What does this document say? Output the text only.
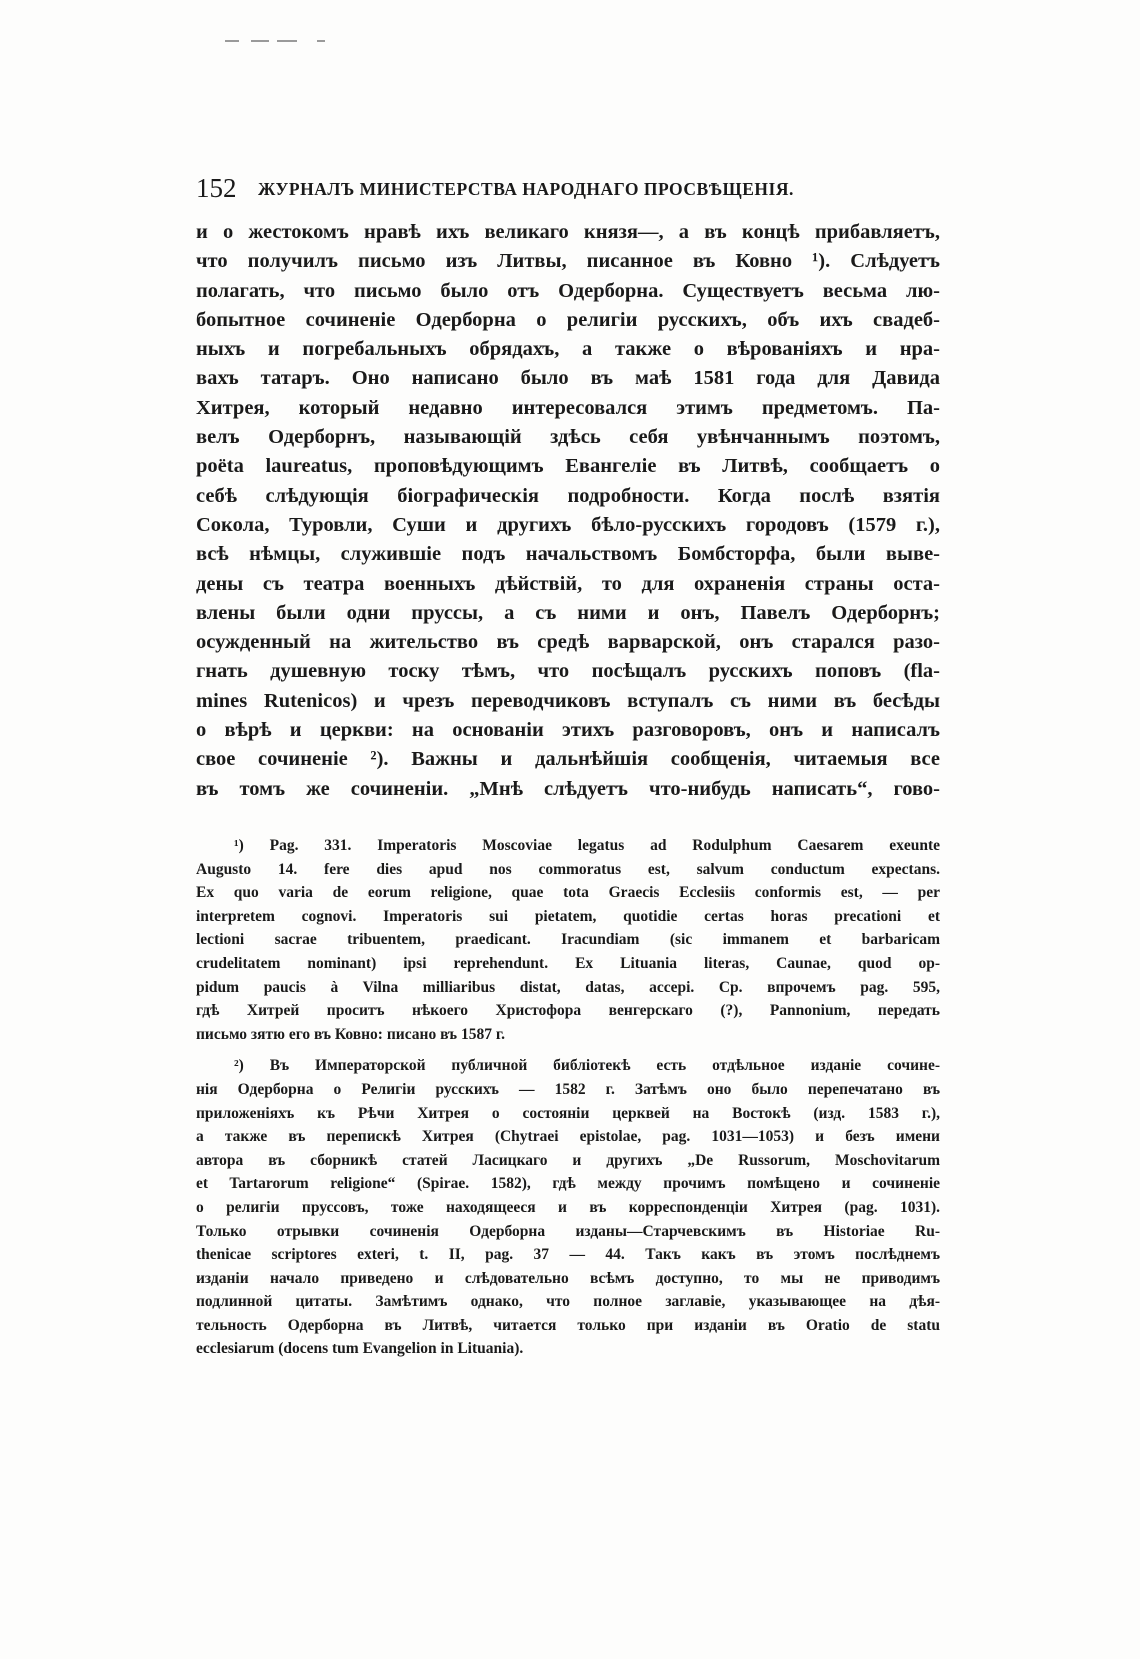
152 ЖУРНАЛЪ МИНИСТЕРСТВА НАРОДНАГО ПРОСВѢЩЕНІЯ.
и о жестокомъ нравѣ ихъ великаго князя—, а въ концѣ прибавляетъ,
что получилъ письмо изъ Литвы, писанное въ Ковно ¹). Слѣдуетъ
полагать, что письмо было отъ Одерборна. Существуетъ весьма лю-
бопытное сочиненіе Одерборна о религіи русскихъ, объ ихъ свадеб-
ныхъ и погребальныхъ обрядахъ, а также о вѣрованіяхъ и нра-
вахъ татаръ. Оно написано было въ маѣ 1581 года для Давида
Хитрея, который недавно интересовался этимъ предметомъ. Па-
велъ Одерборнъ, называющій здѣсь себя увѣнчаннымъ поэтомъ,
poëta laureatus, проповѣдующимъ Евангеліе въ Литвѣ, сообщаетъ о
себѣ слѣдующія біографическія подробности. Когда послѣ взятія
Сокола, Туровли, Суши и другихъ бѣло-русскихъ городовъ (1579 г.),
всѣ нѣмцы, служившіе подъ начальствомъ Бомбсторфа, были выве-
дены съ театра военныхъ дѣйствій, то для охраненія страны оста-
влены были одни пруссы, а съ ними и онъ, Павелъ Одерборнъ;
осужденный на жительство въ средѣ варварской, онъ старался разо-
гнать душевную тоску тѣмъ, что посѣщалъ русскихъ поповъ (fla-
mines Rutenicos) и чрезъ переводчиковъ вступалъ съ ними въ бесѣды
о вѣрѣ и церкви: на основаніи этихъ разговоровъ, онъ и написалъ
свое сочиненіе ²). Важны и дальнѣйшія сообщенія, читаемыя все
въ томъ же сочиненіи. „Мнѣ слѣдуетъ что-нибудь написать“, гово-
¹) Pag. 331. Imperatoris Moscoviae legatus ad Rodulphum Caesarem exeunte
Augusto 14. fere dies apud nos commoratus est, salvum conductum expectans.
Ex quo varia de eorum religione, quae tota Graecis Ecclesiis conformis est, — per
interpretem cognovi. Imperatoris sui pietatem, quotidie certas horas precationi et
lectioni sacrae tribuentem, praedicant. Iracundiam (sic immanem et barbaricam
crudelitatem nominant) ipsi reprehendunt. Ex Lituania literas, Caunae, quod op-
pidum paucis à Vilna milliaribus distat, datas, accepi. Ср. впрочемъ pag. 595,
гдѣ Хитрей проситъ нѣкоего Христофора венгерскаго (?), Pannonium, передать
письмо зятю его въ Ковно: писано въ 1587 г.
²) Въ Императорской публичной библіотекѣ есть отдѣльное изданіе сочине-
нія Одерборна о Религіи русскихъ — 1582 г. Затѣмъ оно было перепечатано въ
приложеніяхъ къ Рѣчи Хитрея о состояніи церквей на Востокѣ (изд. 1583 г.),
а также въ перепискѣ Хитрея (Chytraei epistolae, pag. 1031—1053) и безъ имени
автора въ сборникѣ статей Ласицкаго и другихъ „De Russorum, Moschovitarum
et Tartarorum religione“ (Spirae. 1582), гдѣ между прочимъ помѣщено и сочиненіе
о религіи пруссовъ, тоже находящееся и въ корреспонденціи Хитрея (pag. 1031).
Только отрывки сочиненія Одерборна изданы—Старчевскимъ въ Historiae Ru-
thenicae scriptores exteri, t. II, pag. 37 — 44. Такъ какъ въ этомъ послѣднемъ
изданіи начало приведено и слѣдовательно всѣмъ доступно, то мы не приводимъ
подлинной цитаты. Замѣтимъ однако, что полное заглавіе, указывающее на дѣя-
тельность Одерборна въ Литвѣ, читается только при изданіи въ Oratio de statu
ecclesiarum (docens tum Evangelion in Lituania).
